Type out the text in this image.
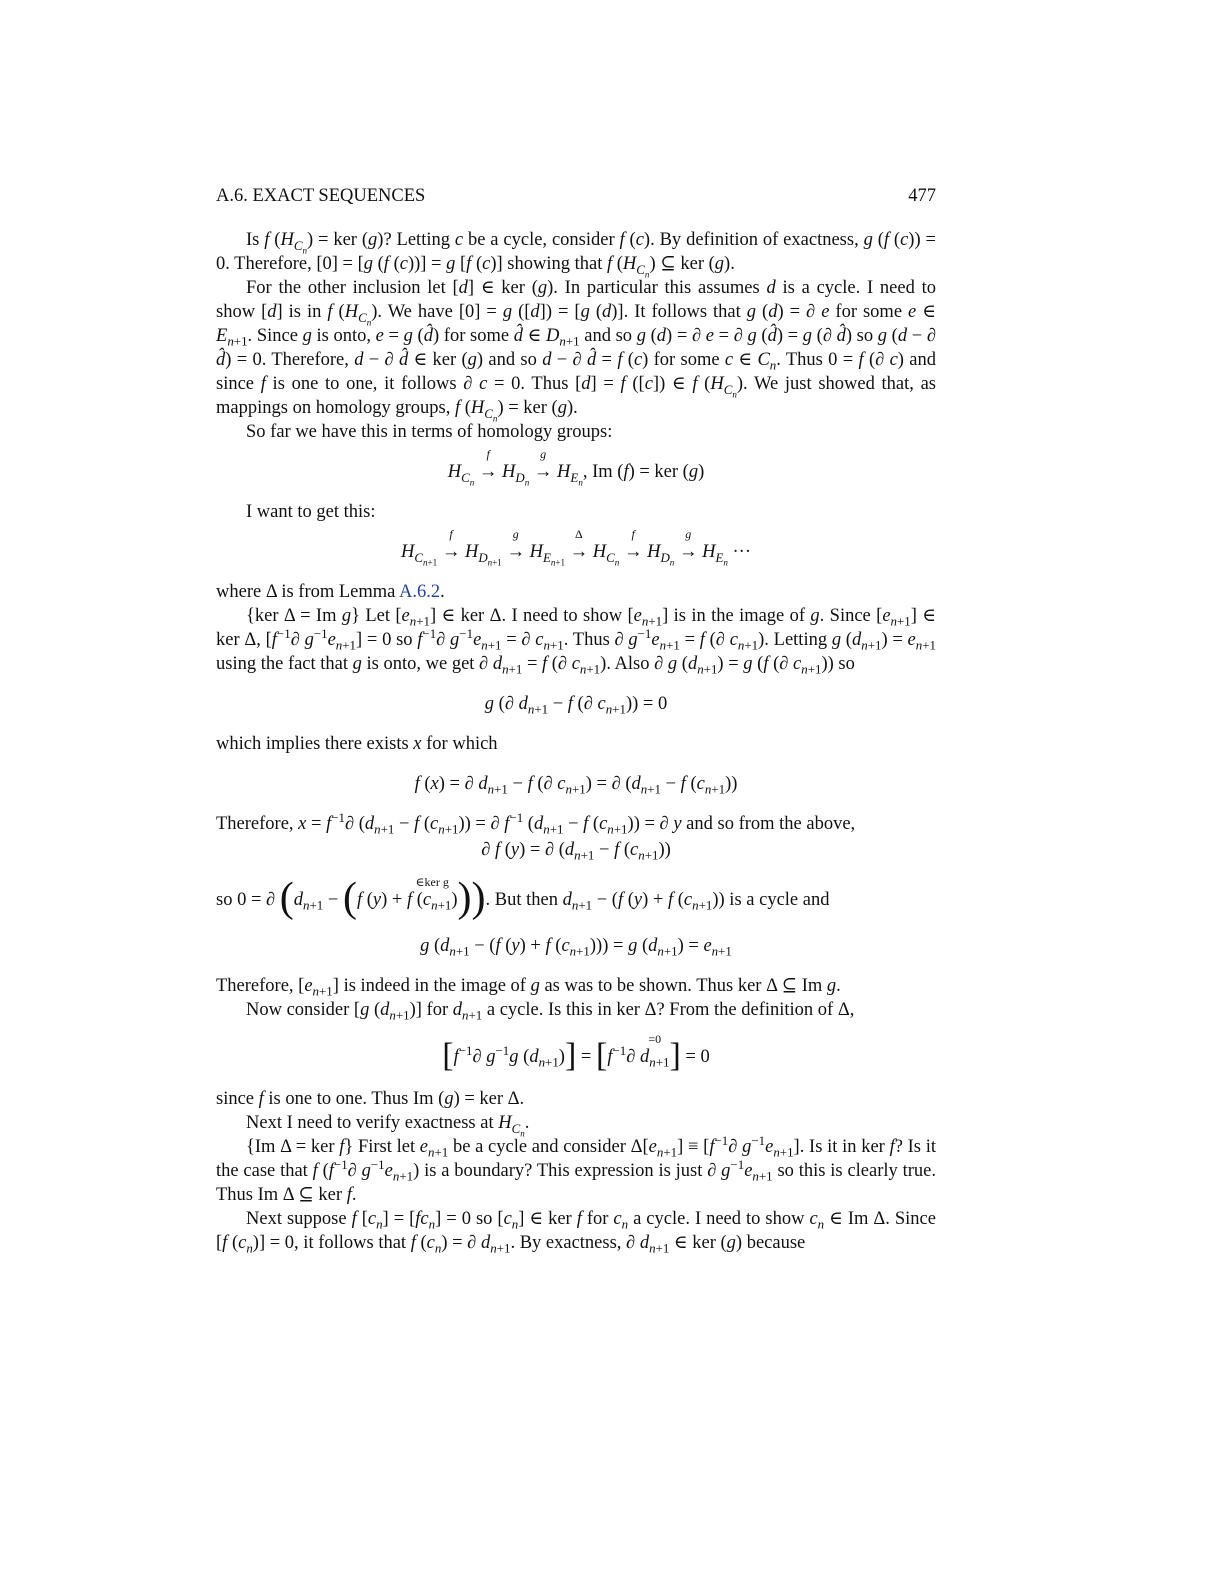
A.6. EXACT SEQUENCES	477

Is f $(H_{C_n})$ = ker (g)? Letting c be a cycle, consider f (c). By definition of exactness, g (f (c)) = 0. Therefore, [0] = [g (f (c))] = g [f (c)] showing that f $(H_{C_n})$ ⊆ ker (g).

For the other inclusion let [d] ∈ ker (g). In particular this assumes d is a cycle. I need to show [d] is in f $(H_{C_n})$. We have [0] = g ([d]) = [g (d)]. It follows that g (d) = ∂ e for some e ∈ $E_{n+1}$. Since g is onto, e = g (d̂) for some d̂ ∈ $D_{n+1}$ and so g (d) = ∂ e = ∂ g (d̂) = g (∂ d̂) so g (d − ∂ d̂) = 0. Therefore, d − ∂ d̂ ∈ ker (g) and so d − ∂ d̂ = f (c) for some c ∈ $C_n$. Thus 0 = f (∂ c) and since f is one to one, it follows ∂ c = 0. Thus [d] = f ([c]) ∈ f $(H_{C_n})$. We just showed that, as mappings on homology groups, f $(H_{C_n})$ = ker (g).

So far we have this in terms of homology groups:

$H_{C_n}$
f
→ $H_{D_n}$
g
→ $H_{E_n}$, Im (f) = ker (g)

I want to get this:

$H_{C_{n+1}}$
f
→ $H_{D_{n+1}}$
g
→ $H_{E_{n+1}}$
Δ
→ $H_{C_n}$
f
→ $H_{D_n}$
g
→ $H_{E_n}$ ···

where Δ is from Lemma A.6.2.

{ker Δ = Im g} Let $[e_{n+1}]$ ∈ ker Δ. I need to show $[e_{n+1}]$ is in the image of g. Since $[e_{n+1}]$ ∈ ker Δ, [$f^{-1}\partial$ $g^{-1}e_{n+1}] = 0$ so $f^{-1}\partial$ $g^{-1}e_{n+1}$ = ∂ $c_{n+1}$. Thus ∂ $g^{-1}e_{n+1} = f$ (∂ $c_{n+1}$). Letting g $(d_{n+1}) = e_{n+1}$ using the fact that g is onto, we get ∂ $d_{n+1} = f$ (∂ $c_{n+1}$). Also ∂ g $(d_{n+1}) = g$ (f (∂ $c_{n+1}$)) so

g (∂ $d_{n+1} - f$ (∂ $c_{n+1})) = 0$

which implies there exists x for which

f (x) = ∂ $d_{n+1} - f$ (∂ $c_{n+1}$) = ∂ ($d_{n+1} - f$ $(c_{n+1})$)

Therefore, $x = f^{-1}\partial$ ($d_{n+1} - f$ $(c_{n+1})$) = ∂ $f^{-1}$ ($d_{n+1} - f$ $(c_{n+1})$) = ∂ y and so from the above,

∂ f (y) = ∂ ($d_{n+1} - f$ $(c_{n+1})$)

so 0 = ∂ ($d_{n+1} - (f$ (y) +
∈ker g
f $(c_{n+1})$)). But then $d_{n+1} - (f$ (y) + f $(c_{n+1})$) is a cycle and

g ($d_{n+1} - (f$ (y) + f $(c_{n+1}))) = g$ $(d_{n+1}) = e_{n+1}$

Therefore, $[e_{n+1}]$ is indeed in the image of g as was to be shown. Thus ker Δ ⊆ Im g.

Now consider [g $(d_{n+1})$] for $d_{n+1}$ a cycle. Is this in ker Δ? From the definition of Δ,

[$f^{-1}\partial$ $g^{-1}g$ $(d_{n+1})] = [f^{-1}\partial$
=0
$d_{n+1}] = 0$

since f is one to one. Thus Im (g) = ker Δ.

Next I need to verify exactness at $H_{C_n}$.

{Im Δ = ker f} First let $e_{n+1}$ be a cycle and consider $\Delta[e_{n+1}] \equiv [f^{-1}\partial$ $g^{-1}e_{n+1}$]. Is it in ker f? Is it the case that f ($f^{-1}\partial$ $g^{-1}e_{n+1}$) is a boundary? This expression is just ∂ $g^{-1}e_{n+1}$ so this is clearly true. Thus Im Δ ⊆ ker f.

Next suppose f $[c_n] = [fc_n] = 0$ so $[c_n]$ ∈ ker f for $c_n$ a cycle. I need to show $c_n$ ∈ Im Δ. Since [f $(c_n)] = 0$, it follows that f $(c_n)$ = ∂ $d_{n+1}$. By exactness, ∂ $d_{n+1}$ ∈ ker (g) because
